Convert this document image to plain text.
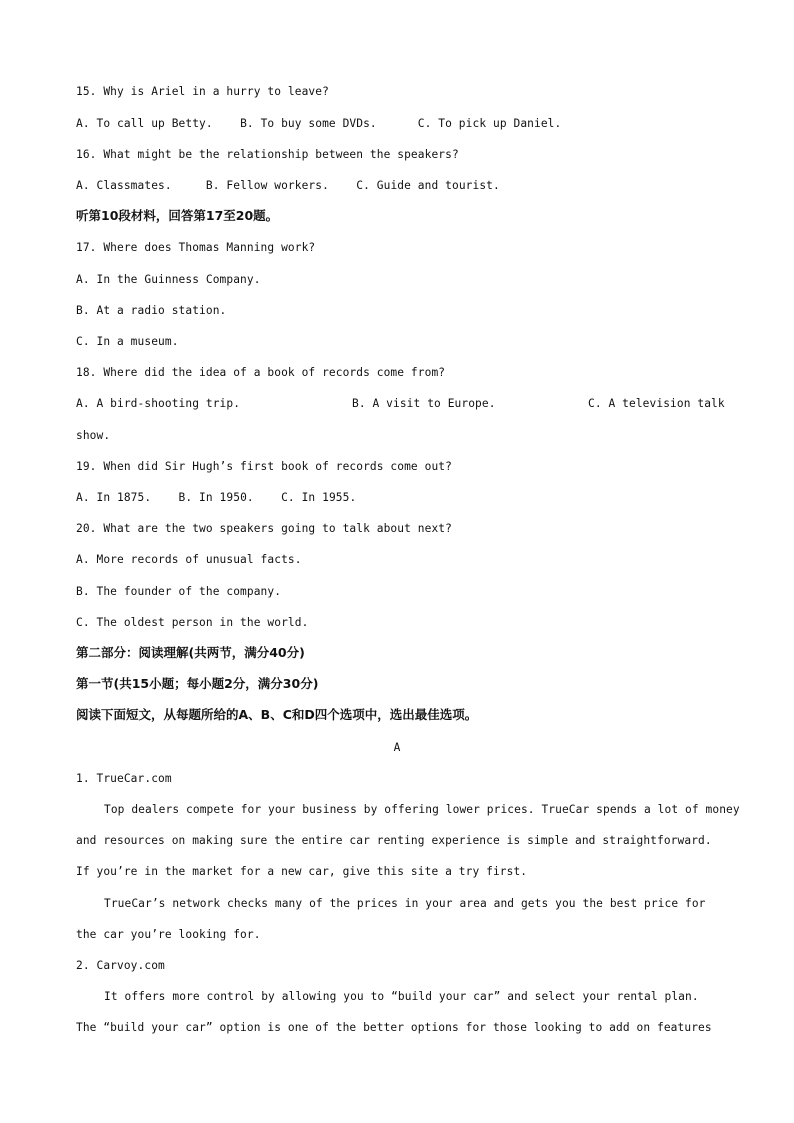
15. Why is Ariel in a hurry to leave?

A. To call up Betty. B. To buy some DVDs.	C. To pick up Daniel.

16. What might be the relationship between the speakers?

A. Classmates.	B. Fellow workers. C. Guide and tourist.

听第10段材料，回答第17至20题。

17. Where does Thomas Manning work?

A. In the Guinness Company.

B. At a radio station.

C. In a museum.

18. Where did the idea of a book of records come from?

A. A bird-shooting trip.	B. A visit to Europe.	C. A television talk

show.

19. When did Sir Hugh’s first book of records come out?

A. In 1875. B. In 1950. C. In 1955.

20. What are the two speakers going to talk about next?

A. More records of unusual facts.

B. The founder of the company.

C. The oldest person in the world.

第二部分：阅读理解(共两节，满分40分)

第一节(共15小题；每小题2分，满分30分)

阅读下面短文，从每题所给的A、B、C和D四个选项中，选出最佳选项。

A

1. TrueCar.com

Top dealers compete for your business by offering lower prices. TrueCar spends a lot of money

and resources on making sure the entire car renting experience is simple and straightforward.

If you’re in the market for a new car, give this site a try first.

TrueCar’s network checks many of the prices in your area and gets you the best price for

the car you’re looking for.

2. Carvoy.com

It offers more control by allowing you to “build your car” and select your rental plan.

The “build your car” option is one of the better options for those looking to add on features
